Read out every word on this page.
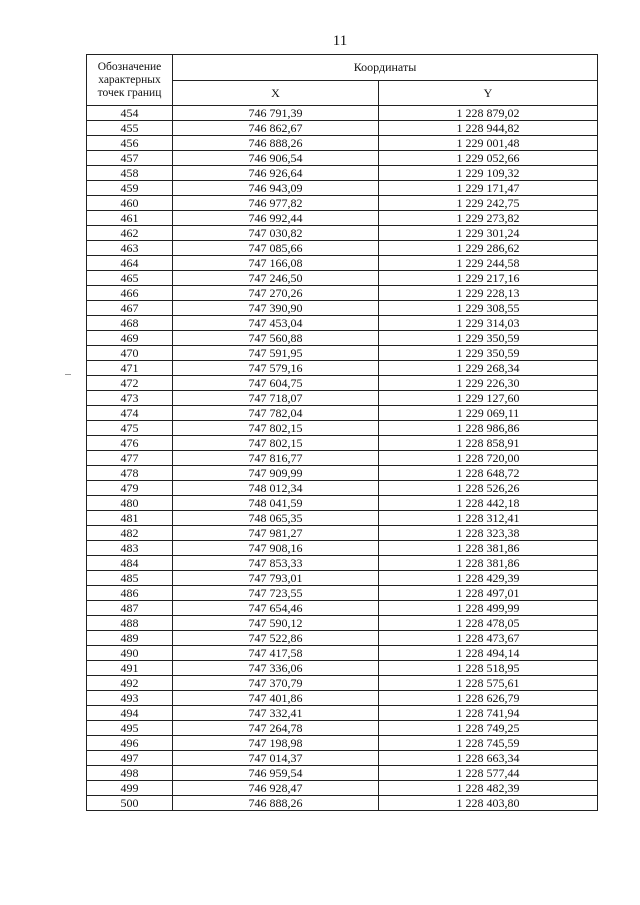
11
Обозначение характерных точек границ	Координаты	
	X	Y
454	746 791,39	1 228 879,02
455	746 862,67	1 228 944,82
456	746 888,26	1 229 001,48
457	746 906,54	1 229 052,66
458	746 926,64	1 229 109,32
459	746 943,09	1 229 171,47
460	746 977,82	1 229 242,75
461	746 992,44	1 229 273,82
462	747 030,82	1 229 301,24
463	747 085,66	1 229 286,62
464	747 166,08	1 229 244,58
465	747 246,50	1 229 217,16
466	747 270,26	1 229 228,13
467	747 390,90	1 229 308,55
468	747 453,04	1 229 314,03
469	747 560,88	1 229 350,59
470	747 591,95	1 229 350,59
471	747 579,16	1 229 268,34
472	747 604,75	1 229 226,30
473	747 718,07	1 229 127,60
474	747 782,04	1 229 069,11
475	747 802,15	1 228 986,86
476	747 802,15	1 228 858,91
477	747 816,77	1 228 720,00
478	747 909,99	1 228 648,72
479	748 012,34	1 228 526,26
480	748 041,59	1 228 442,18
481	748 065,35	1 228 312,41
482	747 981,27	1 228 323,38
483	747 908,16	1 228 381,86
484	747 853,33	1 228 381,86
485	747 793,01	1 228 429,39
486	747 723,55	1 228 497,01
487	747 654,46	1 228 499,99
488	747 590,12	1 228 478,05
489	747 522,86	1 228 473,67
490	747 417,58	1 228 494,14
491	747 336,06	1 228 518,95
492	747 370,79	1 228 575,61
493	747 401,86	1 228 626,79
494	747 332,41	1 228 741,94
495	747 264,78	1 228 749,25
496	747 198,98	1 228 745,59
497	747 014,37	1 228 663,34
498	746 959,54	1 228 577,44
499	746 928,47	1 228 482,39
500	746 888,26	1 228 403,80
